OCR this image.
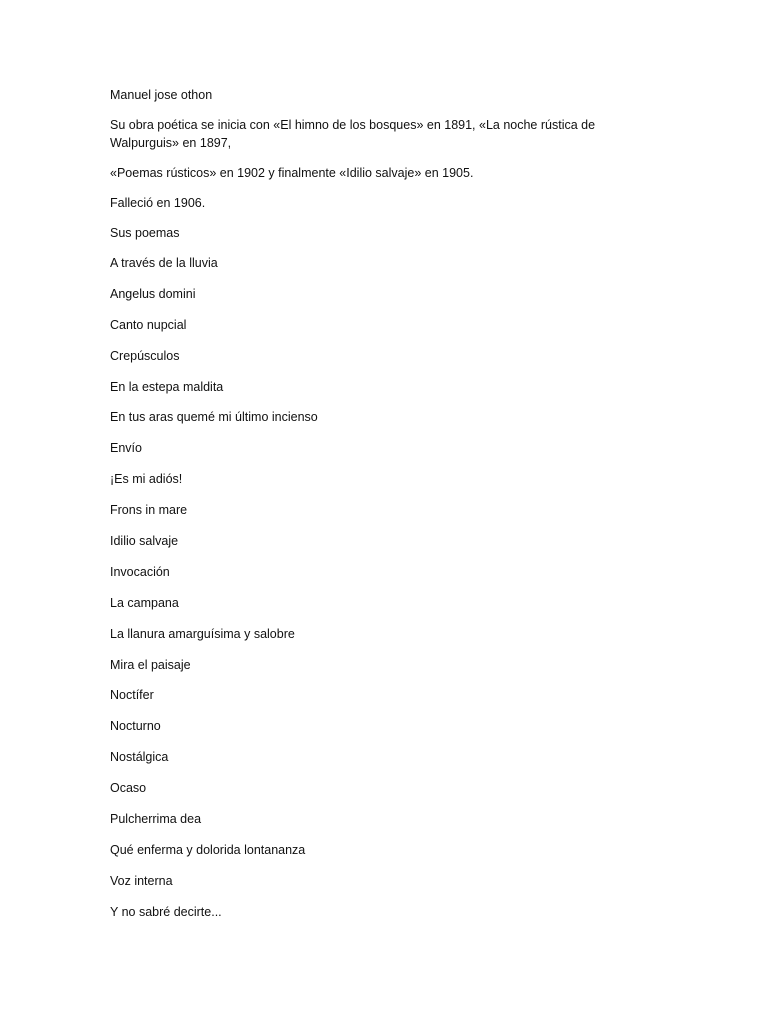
Manuel jose othon

Su obra poética se inicia con «El himno de los bosques» en 1891, «La noche rústica de Walpurguis» en 1897,

«Poemas rústicos» en 1902 y finalmente «Idilio salvaje» en 1905.

Falleció en 1906.

Sus poemas

A través de la lluvia
Angelus domini
Canto nupcial
Crepúsculos
En la estepa maldita
En tus aras quemé mi último incienso
Envío
¡Es mi adiós!
Frons in mare
Idilio salvaje
Invocación
La campana
La llanura amarguísima y salobre
Mira el paisaje
Noctífer
Nocturno
Nostálgica
Ocaso
Pulcherrima dea
Qué enferma y dolorida lontananza
Voz interna
Y no sabré decirte...
